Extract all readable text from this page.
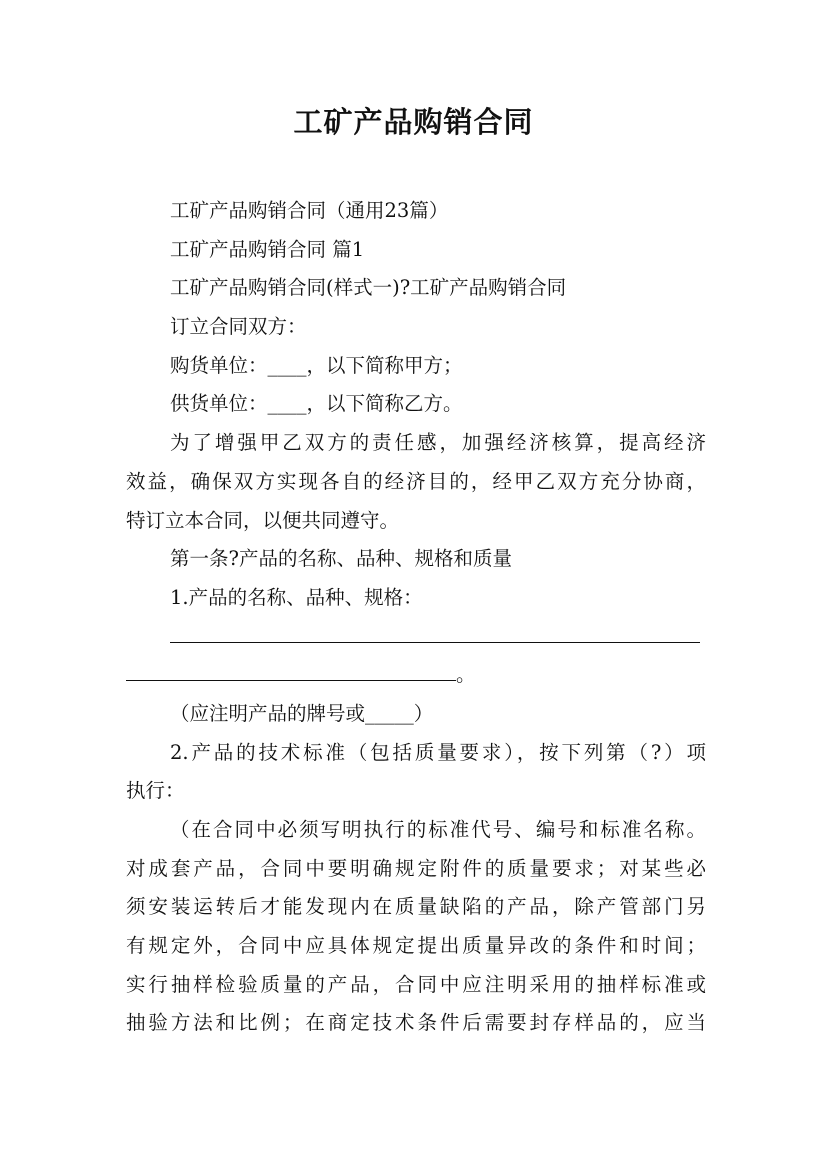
工矿产品购销合同
工矿产品购销合同（通用23篇）
工矿产品购销合同 篇1
工矿产品购销合同(样式一)?工矿产品购销合同
订立合同双方：
购货单位：____，以下简称甲方；
供货单位：____，以下简称乙方。
为了增强甲乙双方的责任感，加强经济核算，提高经济
效益，确保双方实现各自的经济目的，经甲乙双方充分协商，
特订立本合同，以便共同遵守。
第一条?产品的名称、品种、规格和质量
1.产品的名称、品种、规格：
。
（应注明产品的牌号或_____）
2.产品的技术标准（包括质量要求），按下列第（?）项
执行：
（在合同中必须写明执行的标准代号、编号和标准名称。
对成套产品，合同中要明确规定附件的质量要求；对某些必
须安装运转后才能发现内在质量缺陷的产品，除产管部门另
有规定外，合同中应具体规定提出质量异改的条件和时间；
实行抽样检验质量的产品，合同中应注明采用的抽样标准或
抽验方法和比例；在商定技术条件后需要封存样品的，应当
